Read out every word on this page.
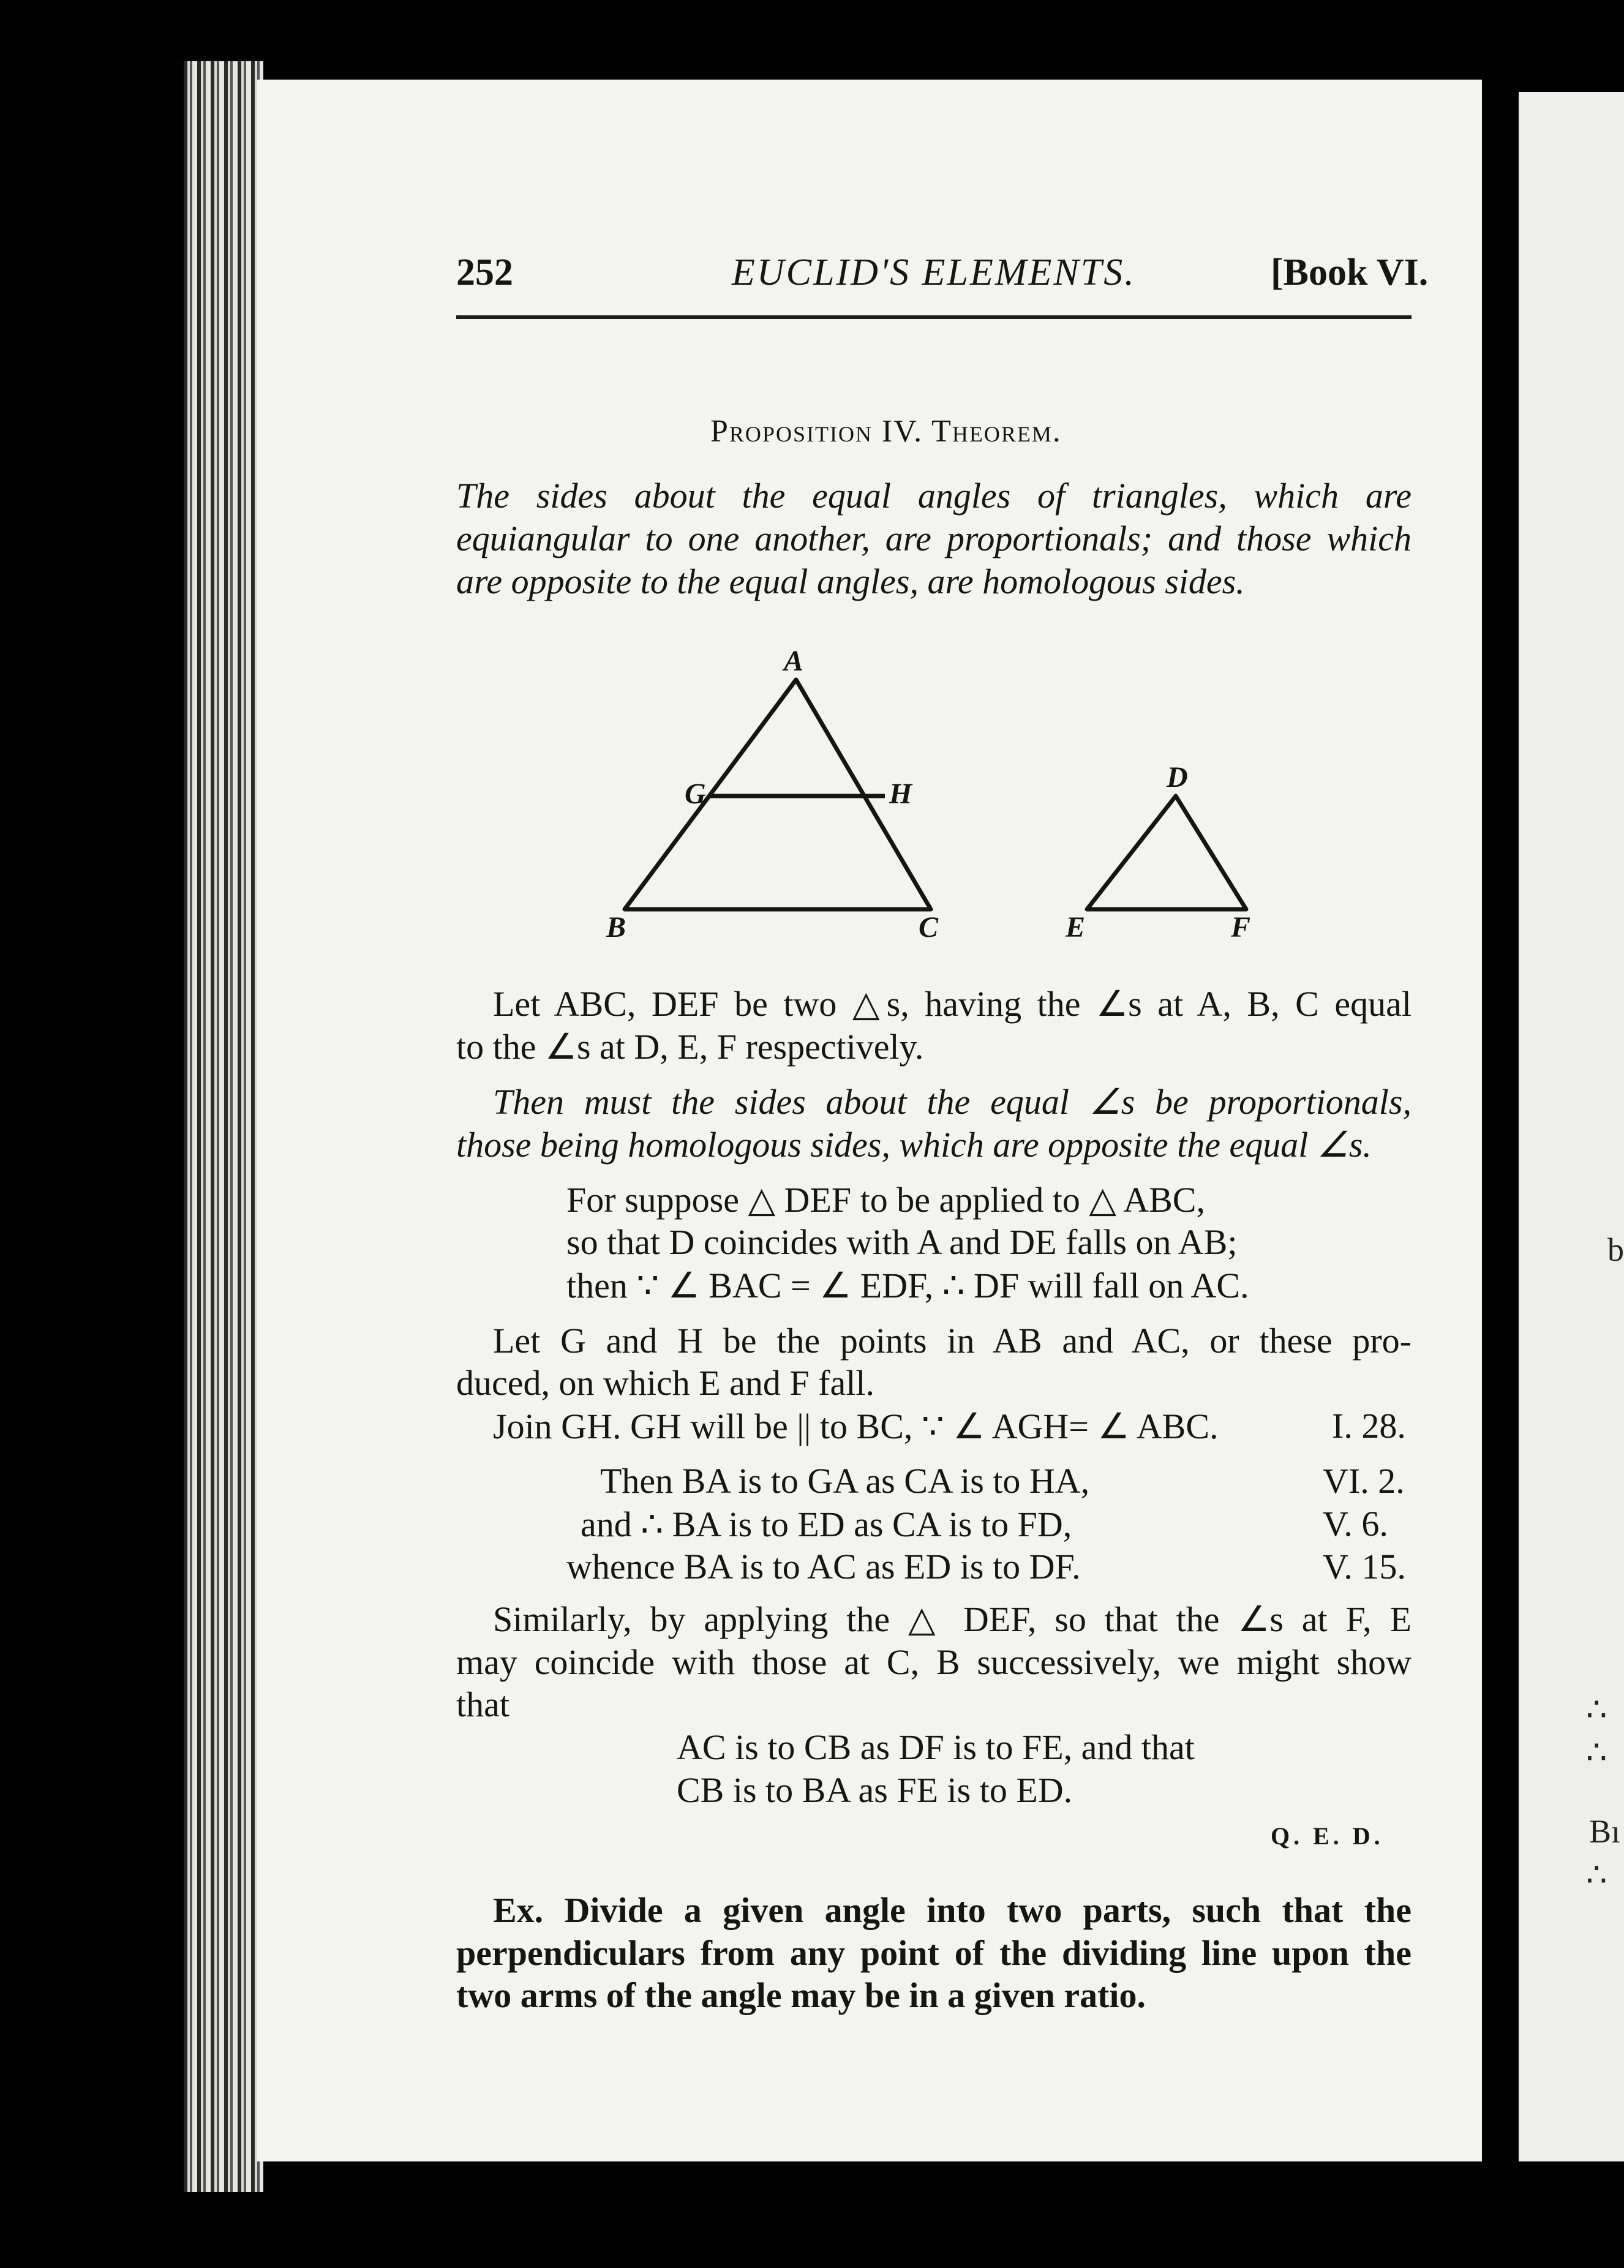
b
∴
∴
Bı
∴
252	EUCLID'S ELEMENTS.	[Book VI.
Proposition IV. Theorem.
The sides about the equal angles of triangles, which are equiangular to one another, are proportionals; and those which are opposite to the equal angles, are homologous sides.
A
G	H
B	C
D
E	F
Let ABC, DEF be two △s, having the ∠s at A, B, C equal
to the ∠s at D, E, F respectively.
Then must the sides about the equal ∠s be proportionals,
those being homologous sides, which are opposite the equal ∠s.
For suppose △ DEF to be applied to △ ABC,
so that D coincides with A and DE falls on AB;
then ∵ ∠ BAC = ∠ EDF, ∴ DF will fall on AC.
Let G and H be the points in AB and AC, or these pro-
duced, on which E and F fall.
Join GH. GH will be || to BC, ∵ ∠ AGH= ∠ ABC.	I. 28.
Then BA is to GA as CA is to HA,	VI. 2.
and ∴ BA is to ED as CA is to FD,	V. 6.
whence BA is to AC as ED is to DF.	V. 15.
Similarly, by applying the △ DEF, so that the ∠s at F, E
may coincide with those at C, B successively, we might show
that
AC is to CB as DF is to FE, and that
CB is to BA as FE is to ED.
Q. E. D.
Ex. Divide a given angle into two parts, such that the
perpendiculars from any point of the dividing line upon the
two arms of the angle may be in a given ratio.
